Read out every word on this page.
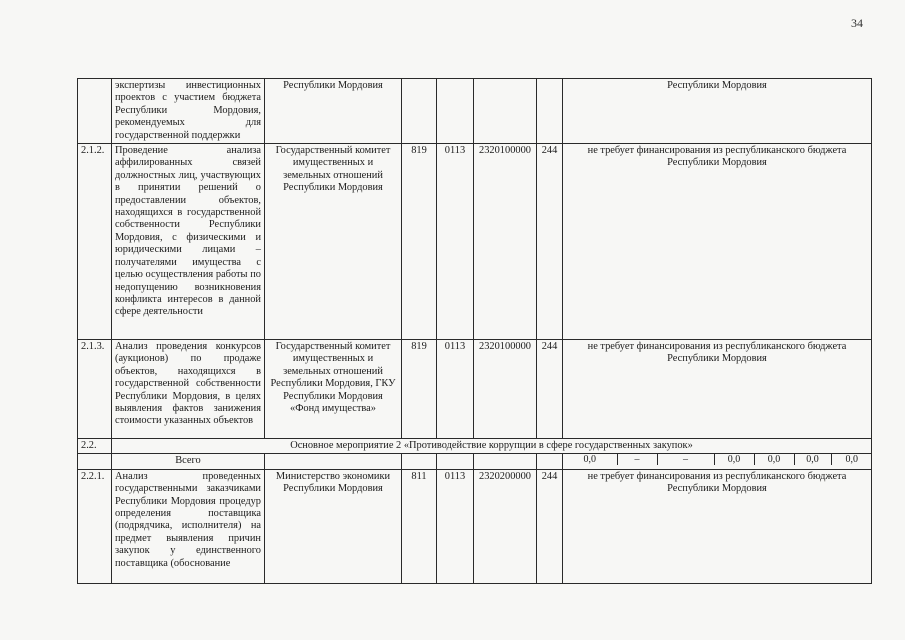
34
	экспертизы инвестиционных проектов с участием бюджета Республики Мордовия, рекомендуемых для государственной поддержки	Республики Мордовия					Республики Мордовия
2.1.2.	Проведение анализа аффилированных связей должностных лиц, участвующих в принятии решений о предоставлении объектов, находящихся в государственной собственности Республики Мордовия, с физическими и юридическими лицами – получателями имущества с целью осуществления работы по недопущению возникновения конфликта интересов в данной сфере деятельности	Государственный комитет имущественных и земельных отношений Республики Мордовия	819	0113	2320100000	244	не требует финансирования из республиканского бюджета Республики Мордовия
2.1.3.	Анализ проведения конкурсов (аукционов) по продаже объектов, находящихся в государственной собственности Республики Мордовия, в целях выявления фактов занижения стоимости указанных объектов	Государственный комитет имущественных и земельных отношений Республики Мордовия, ГКУ Республики Мордовия «Фонд имущества»	819	0113	2320100000	244	не требует финансирования из республиканского бюджета Республики Мордовия
2.2.	Основное мероприятие 2 «Противодействие коррупции в сфере государственных закупок»
	Всего							0,0	–	–	0,0	0,0	0,0	0,0

2.2.1.	Анализ проведенных государственными заказчиками Республики Мордовия процедур определения поставщика (подрядчика, исполнителя) на предмет выявления причин закупок у единственного поставщика (обоснование	Министерство экономики Республики Мордовия	811	0113	2320200000	244	не требует финансирования из республиканского бюджета Республики Мордовия
